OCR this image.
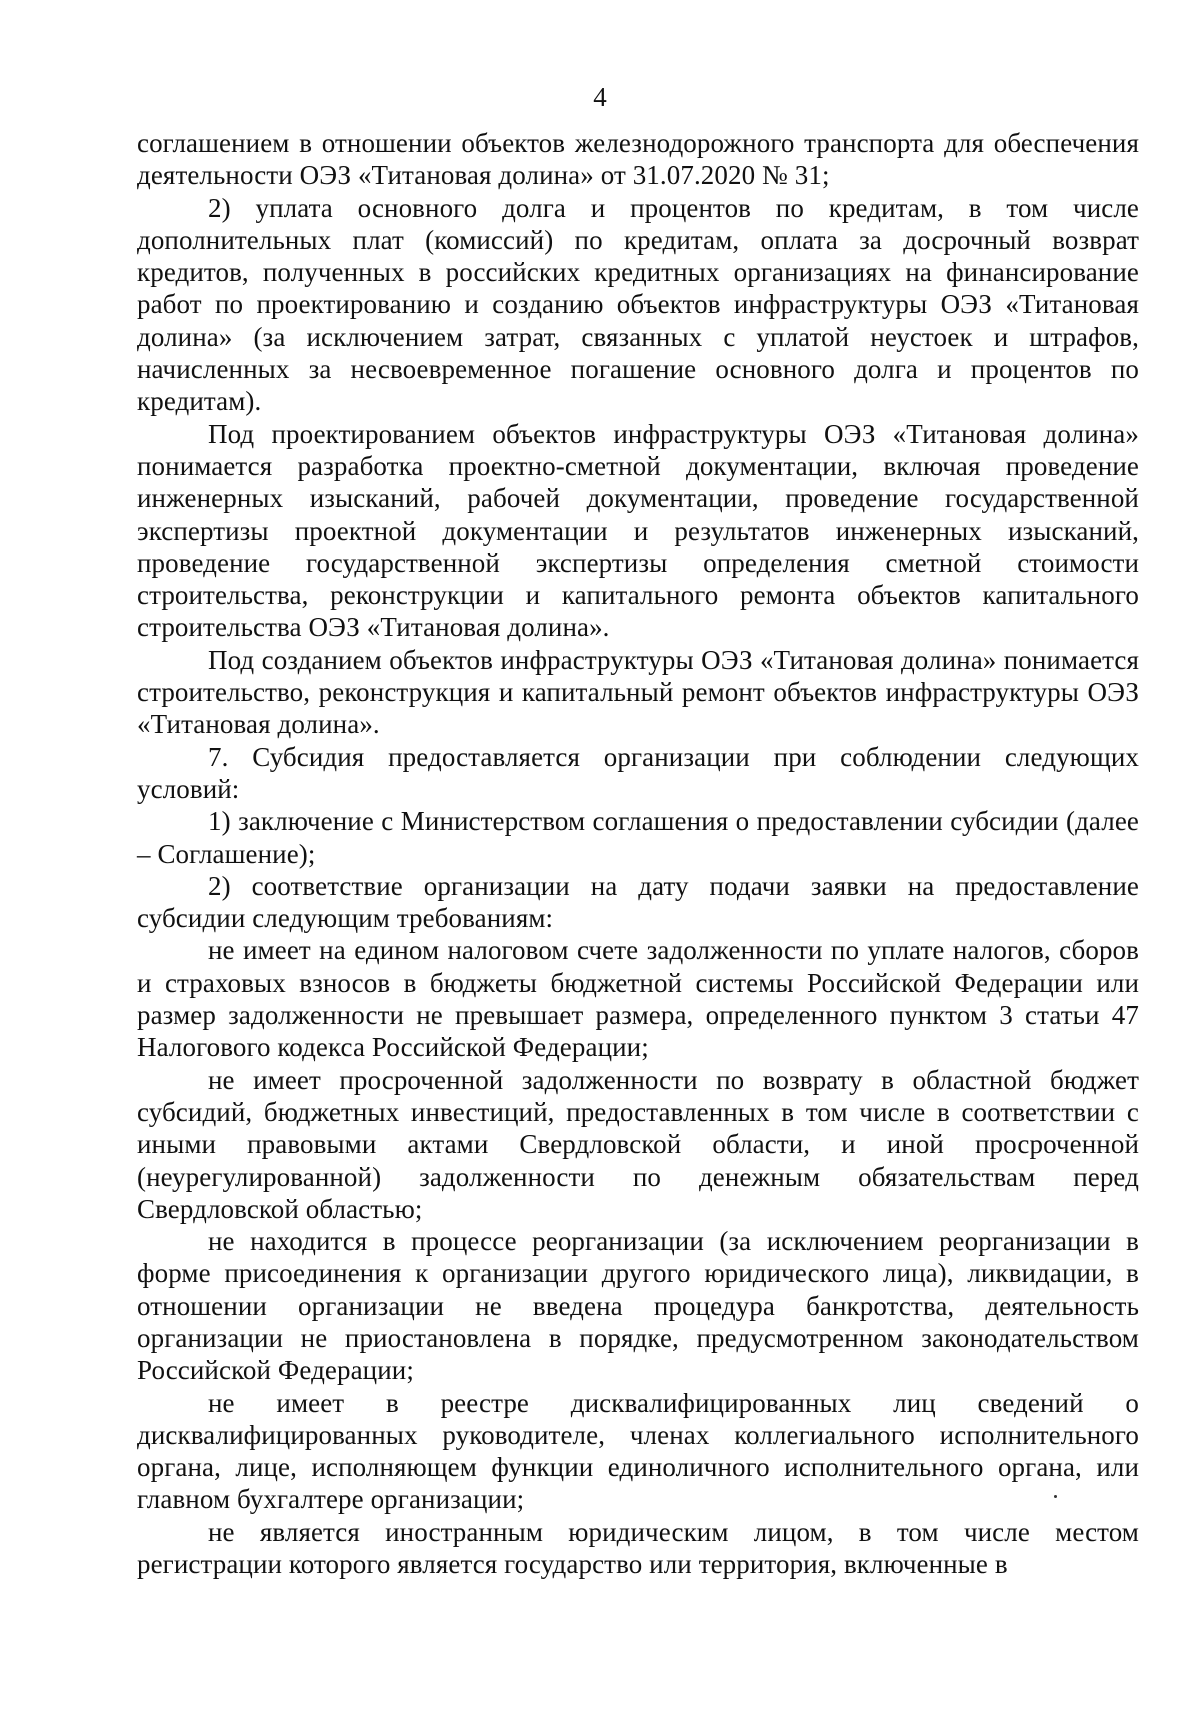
4

соглашением в отношении объектов железнодорожного транспорта для обеспечения деятельности ОЭЗ «Титановая долина» от 31.07.2020 № 31;

2) уплата основного долга и процентов по кредитам, в том числе дополнительных плат (комиссий) по кредитам, оплата за досрочный возврат кредитов, полученных в российских кредитных организациях на финансирование работ по проектированию и созданию объектов инфраструктуры ОЭЗ «Титановая долина» (за исключением затрат, связанных с уплатой неустоек и штрафов, начисленных за несвоевременное погашение основного долга и процентов по кредитам).

Под проектированием объектов инфраструктуры ОЭЗ «Титановая долина» понимается разработка проектно-сметной документации, включая проведение инженерных изысканий, рабочей документации, проведение государственной экспертизы проектной документации и результатов инженерных изысканий, проведение государственной экспертизы определения сметной стоимости строительства, реконструкции и капитального ремонта объектов капитального строительства ОЭЗ «Титановая долина».

Под созданием объектов инфраструктуры ОЭЗ «Титановая долина» понимается строительство, реконструкция и капитальный ремонт объектов инфраструктуры ОЭЗ «Титановая долина».

7. Субсидия предоставляется организации при соблюдении следующих условий:

1) заключение с Министерством соглашения о предоставлении субсидии (далее – Соглашение);

2) соответствие организации на дату подачи заявки на предоставление субсидии следующим требованиям:

не имеет на едином налоговом счете задолженности по уплате налогов, сборов и страховых взносов в бюджеты бюджетной системы Российской Федерации или размер задолженности не превышает размера, определенного пунктом 3 статьи 47 Налогового кодекса Российской Федерации;

не имеет просроченной задолженности по возврату в областной бюджет субсидий, бюджетных инвестиций, предоставленных в том числе в соответствии с иными правовыми актами Свердловской области, и иной просроченной (неурегулированной) задолженности по денежным обязательствам перед Свердловской областью;

не находится в процессе реорганизации (за исключением реорганизации в форме присоединения к организации другого юридического лица), ликвидации, в отношении организации не введена процедура банкротства, деятельность организации не приостановлена в порядке, предусмотренном законодательством Российской Федерации;

не имеет в реестре дисквалифицированных лиц сведений о дисквалифицированных руководителе, членах коллегиального исполнительного органа, лице, исполняющем функции единоличного исполнительного органа, или главном бухгалтере организации;

не является иностранным юридическим лицом, в том числе местом регистрации которого является государство или территория, включенные в
